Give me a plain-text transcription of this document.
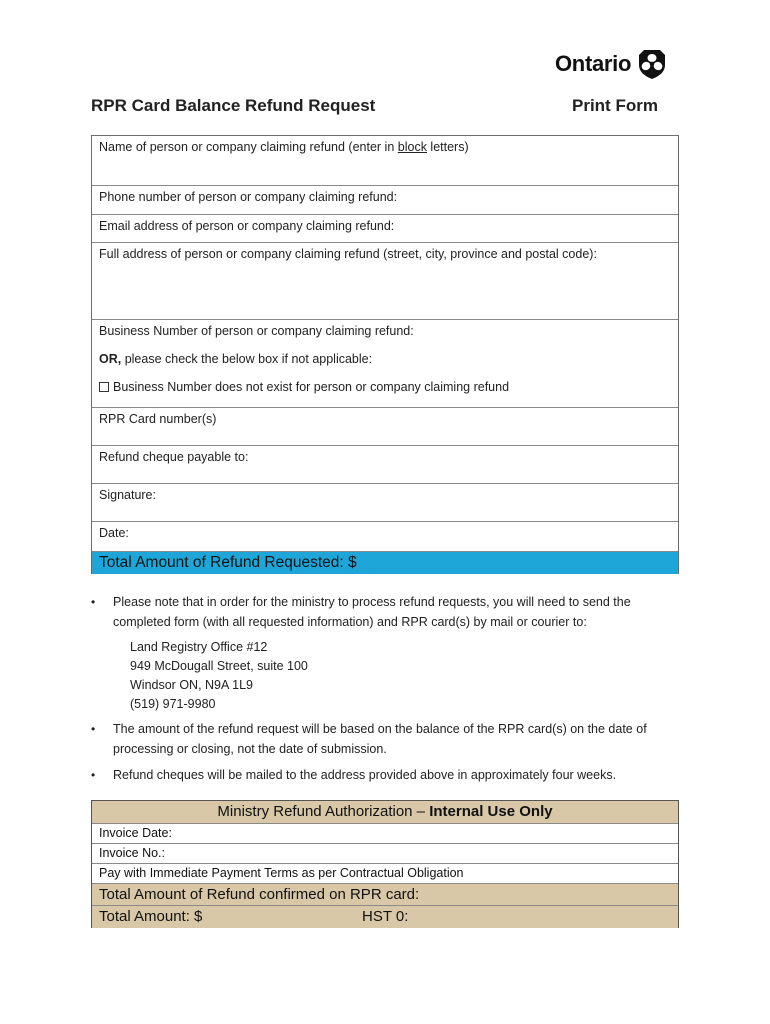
Ontario
RPR Card Balance Refund Request	Print Form
Name of person or company claiming refund (enter in block letters)
Phone number of person or company claiming refund:
Email address of person or company claiming refund:
Full address of person or company claiming refund (street, city, province and postal code):
Business Number of person or company claiming refund:
OR, please check the below box if not applicable:
Business Number does not exist for person or company claiming refund
RPR Card number(s)
Refund cheque payable to:
Signature:
Date:
Total Amount of Refund Requested: $
• Please note that in order for the ministry to process refund requests, you will need to send the completed form (with all requested information) and RPR card(s) by mail or courier to:
Land Registry Office #12
949 McDougall Street, suite 100
Windsor ON, N9A 1L9
(519) 971-9980
• The amount of the refund request will be based on the balance of the RPR card(s) on the date of processing or closing, not the date of submission.
• Refund cheques will be mailed to the address provided above in approximately four weeks.
Ministry Refund Authorization – Internal Use Only
Invoice Date:
Invoice No.:
Pay with Immediate Payment Terms as per Contractual Obligation
Total Amount of Refund confirmed on RPR card:
Total Amount: $	HST 0:
